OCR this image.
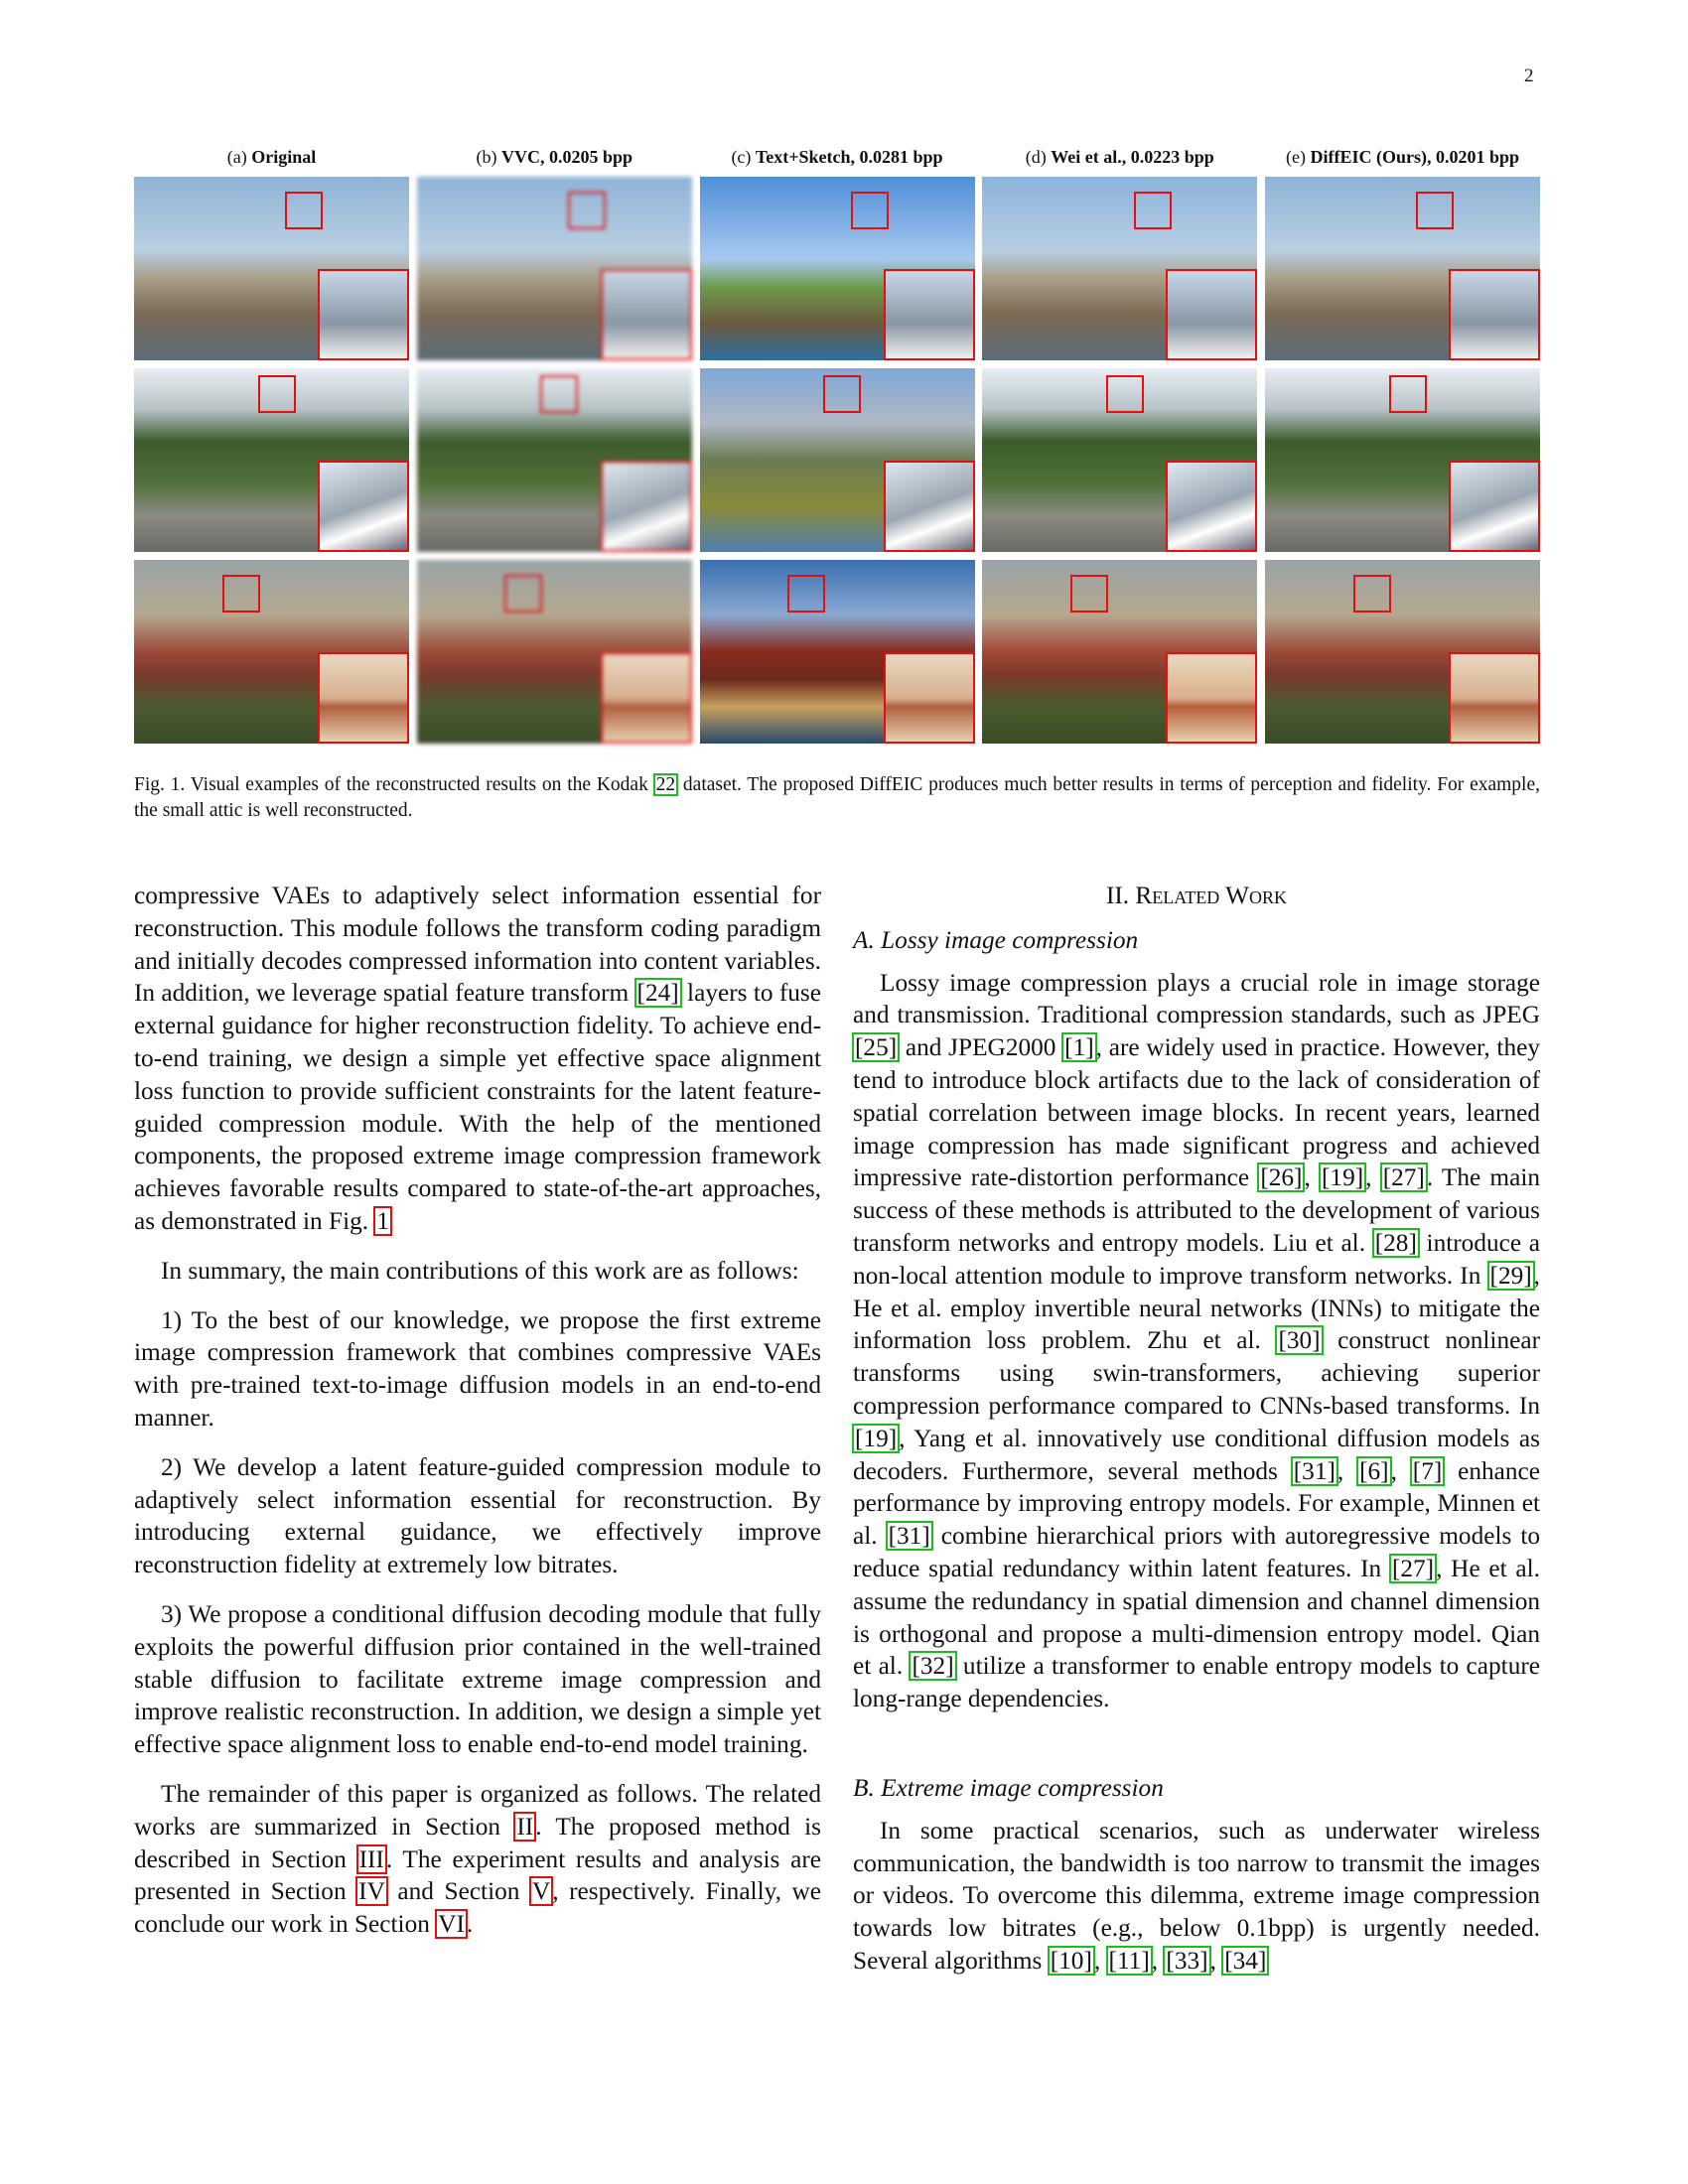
2
(a) Original	(b) VVC, 0.0205 bpp	(c) Text+Sketch, 0.0281 bpp	(d) Wei et al., 0.0223 bpp	(e) DiffEIC (Ours), 0.0201 bpp
Fig. 1. Visual examples of the reconstructed results on the Kodak 22 dataset. The proposed DiffEIC produces much better results in terms of perception and fidelity. For example, the small attic is well reconstructed.

compressive VAEs to adaptively select information essential for reconstruction. This module follows the transform coding paradigm and initially decodes compressed information into content variables. In addition, we leverage spatial feature transform [24] layers to fuse external guidance for higher reconstruction fidelity. To achieve end-to-end training, we design a simple yet effective space alignment loss function to provide sufficient constraints for the latent feature-guided compression module. With the help of the mentioned components, the proposed extreme image compression framework achieves favorable results compared to state-of-the-art approaches, as demonstrated in Fig. 1

In summary, the main contributions of this work are as follows:

1) To the best of our knowledge, we propose the first extreme image compression framework that combines compressive VAEs with pre-trained text-to-image diffusion models in an end-to-end manner.

2) We develop a latent feature-guided compression module to adaptively select information essential for reconstruction. By introducing external guidance, we effectively improve reconstruction fidelity at extremely low bitrates.

3) We propose a conditional diffusion decoding module that fully exploits the powerful diffusion prior contained in the well-trained stable diffusion to facilitate extreme image compression and improve realistic reconstruction. In addition, we design a simple yet effective space alignment loss to enable end-to-end model training.

The remainder of this paper is organized as follows. The related works are summarized in Section II. The proposed method is described in Section III. The experiment results and analysis are presented in Section IV and Section V, respectively. Finally, we conclude our work in Section VI.

II. Related Work
A. Lossy image compression

Lossy image compression plays a crucial role in image storage and transmission. Traditional compression standards, such as JPEG [25] and JPEG2000 [1], are widely used in practice. However, they tend to introduce block artifacts due to the lack of consideration of spatial correlation between image blocks. In recent years, learned image compression has made significant progress and achieved impressive rate-distortion performance [26], [19], [27]. The main success of these methods is attributed to the development of various transform networks and entropy models. Liu et al. [28] introduce a non-local attention module to improve transform networks. In [29], He et al. employ invertible neural networks (INNs) to mitigate the information loss problem. Zhu et al. [30] construct nonlinear transforms using swin-transformers, achieving superior compression performance compared to CNNs-based transforms. In [19], Yang et al. innovatively use conditional diffusion models as decoders. Furthermore, several methods [31], [6], [7] enhance performance by improving entropy models. For example, Minnen et al. [31] combine hierarchical priors with autoregressive models to reduce spatial redundancy within latent features. In [27], He et al. assume the redundancy in spatial dimension and channel dimension is orthogonal and propose a multi-dimension entropy model. Qian et al. [32] utilize a transformer to enable entropy models to capture long-range dependencies.

B. Extreme image compression

In some practical scenarios, such as underwater wireless communication, the bandwidth is too narrow to transmit the images or videos. To overcome this dilemma, extreme image compression towards low bitrates (e.g., below 0.1bpp) is urgently needed. Several algorithms [10], [11], [33], [34]
